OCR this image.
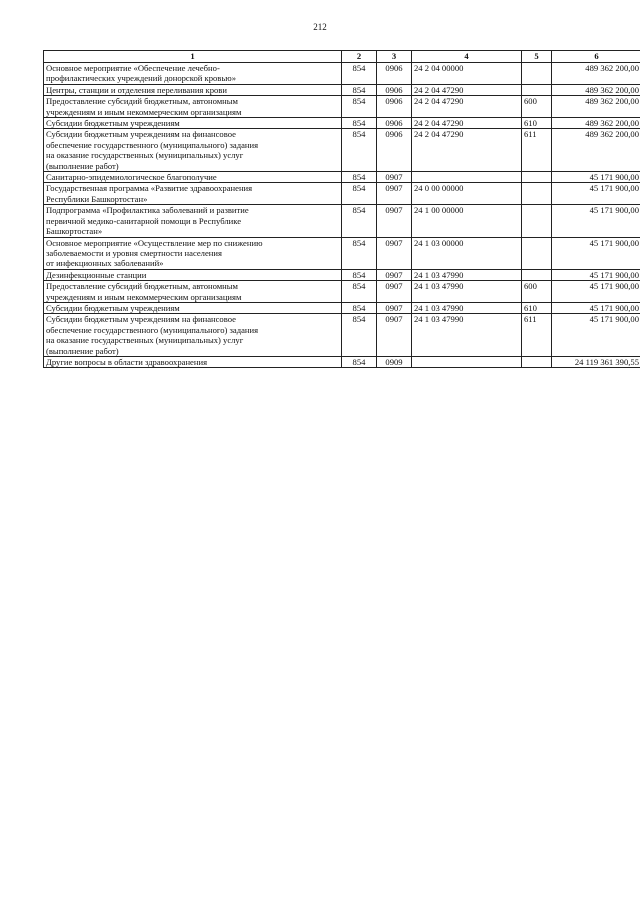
212
1	2	3	4	5	6
Основное мероприятие «Обеспечение лечебно-
профилактических учреждений донорской кровью»	854	0906	24 2 04 00000		489 362 200,00
Центры, станции и отделения переливания крови	854	0906	24 2 04 47290		489 362 200,00
Предоставление субсидий бюджетным, автономным
учреждениям и иным некоммерческим организациям	854	0906	24 2 04 47290	600	489 362 200,00
Субсидии бюджетным учреждениям	854	0906	24 2 04 47290	610	489 362 200,00
Субсидии бюджетным учреждениям на финансовое
обеспечение государственного (муниципального) задания
на оказание государственных (муниципальных) услуг
(выполнение работ)	854	0906	24 2 04 47290	611	489 362 200,00
Санитарно-эпидемиологическое благополучие	854	0907			45 171 900,00
Государственная программа «Развитие здравоохранения
Республики Башкортостан»	854	0907	24 0 00 00000		45 171 900,00
Подпрограмма «Профилактика заболеваний и развитие
первичной медико-санитарной помощи в Республике
Башкортостан»	854	0907	24 1 00 00000		45 171 900,00
Основное мероприятие «Осуществление мер по снижению
заболеваемости и уровня смертности населения
от инфекционных заболеваний»	854	0907	24 1 03 00000		45 171 900,00
Дезинфекционные станции	854	0907	24 1 03 47990		45 171 900,00
Предоставление субсидий бюджетным, автономным
учреждениям и иным некоммерческим организациям	854	0907	24 1 03 47990	600	45 171 900,00
Субсидии бюджетным учреждениям	854	0907	24 1 03 47990	610	45 171 900,00
Субсидии бюджетным учреждениям на финансовое
обеспечение государственного (муниципального) задания
на оказание государственных (муниципальных) услуг
(выполнение работ)	854	0907	24 1 03 47990	611	45 171 900,00
Другие вопросы в области здравоохранения	854	0909			24 119 361 390,55
